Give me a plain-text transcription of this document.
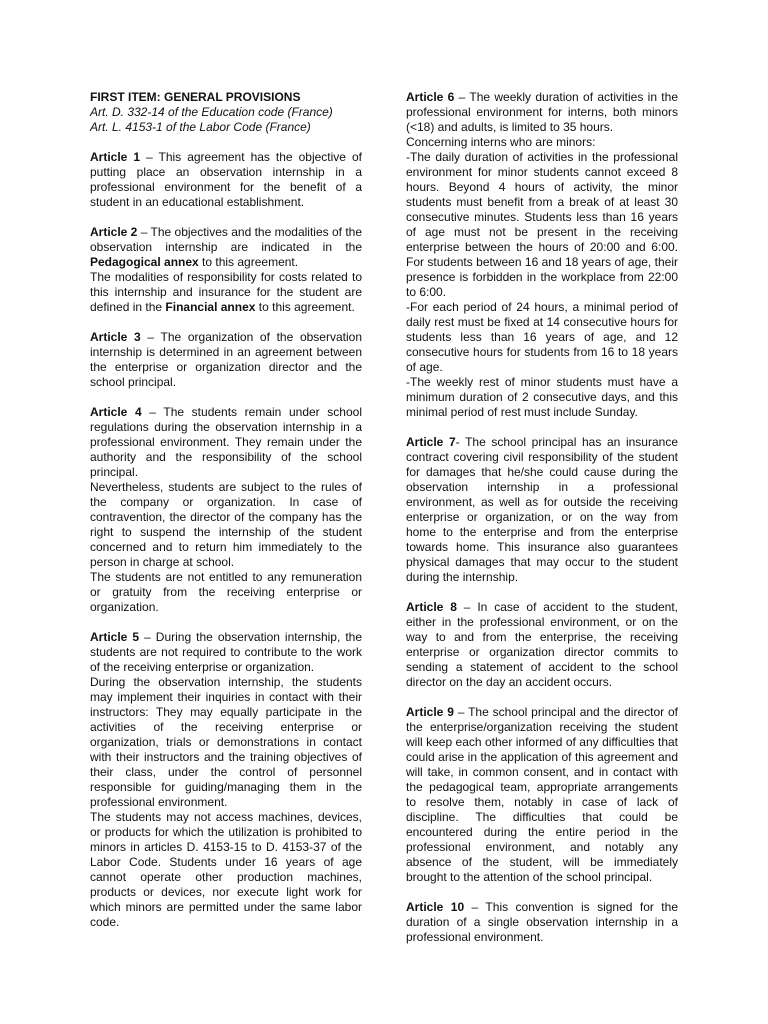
FIRST ITEM: GENERAL PROVISIONS
Art. D. 332-14 of the Education code (France)
Art. L. 4153-1 of the Labor Code (France)
Article 1 – This agreement has the objective of putting place an observation internship in a professional environment for the benefit of a student in an educational establishment.
Article 2 – The objectives and the modalities of the observation internship are indicated in the Pedagogical annex to this agreement.
The modalities of responsibility for costs related to this internship and insurance for the student are defined in the Financial annex to this agreement.
Article 3 – The organization of the observation internship is determined in an agreement between the enterprise or organization director and the school principal.
Article 4 – The students remain under school regulations during the observation internship in a professional environment. They remain under the authority and the responsibility of the school principal.
Nevertheless, students are subject to the rules of the company or organization. In case of contravention, the director of the company has the right to suspend the internship of the student concerned and to return him immediately to the person in charge at school.
The students are not entitled to any remuneration or gratuity from the receiving enterprise or organization.
Article 5 – During the observation internship, the students are not required to contribute to the work of the receiving enterprise or organization.
During the observation internship, the students may implement their inquiries in contact with their instructors: They may equally participate in the activities of the receiving enterprise or organization, trials or demonstrations in contact with their instructors and the training objectives of their class, under the control of personnel responsible for guiding/managing them in the professional environment.
The students may not access machines, devices, or products for which the utilization is prohibited to minors in articles D. 4153-15 to D. 4153-37 of the Labor Code. Students under 16 years of age cannot operate other production machines, products or devices, nor execute light work for which minors are permitted under the same labor code.
Article 6 – The weekly duration of activities in the professional environment for interns, both minors (<18) and adults, is limited to 35 hours.
Concerning interns who are minors:
-The daily duration of activities in the professional environment for minor students cannot exceed 8 hours. Beyond 4 hours of activity, the minor students must benefit from a break of at least 30 consecutive minutes. Students less than 16 years of age must not be present in the receiving enterprise between the hours of 20:00 and 6:00. For students between 16 and 18 years of age, their presence is forbidden in the workplace from 22:00 to 6:00.
-For each period of 24 hours, a minimal period of daily rest must be fixed at 14 consecutive hours for students less than 16 years of age, and 12 consecutive hours for students from 16 to 18 years of age.
-The weekly rest of minor students must have a minimum duration of 2 consecutive days, and this minimal period of rest must include Sunday.
Article 7- The school principal has an insurance contract covering civil responsibility of the student for damages that he/she could cause during the observation internship in a professional environment, as well as for outside the receiving enterprise or organization, or on the way from home to the enterprise and from the enterprise towards home. This insurance also guarantees physical damages that may occur to the student during the internship.
Article 8 – In case of accident to the student, either in the professional environment, or on the way to and from the enterprise, the receiving enterprise or organization director commits to sending a statement of accident to the school director on the day an accident occurs.
Article 9 – The school principal and the director of the enterprise/organization receiving the student will keep each other informed of any difficulties that could arise in the application of this agreement and will take, in common consent, and in contact with the pedagogical team, appropriate arrangements to resolve them, notably in case of lack of discipline. The difficulties that could be encountered during the entire period in the professional environment, and notably any absence of the student, will be immediately brought to the attention of the school principal.
Article 10 – This convention is signed for the duration of a single observation internship in a professional environment.
